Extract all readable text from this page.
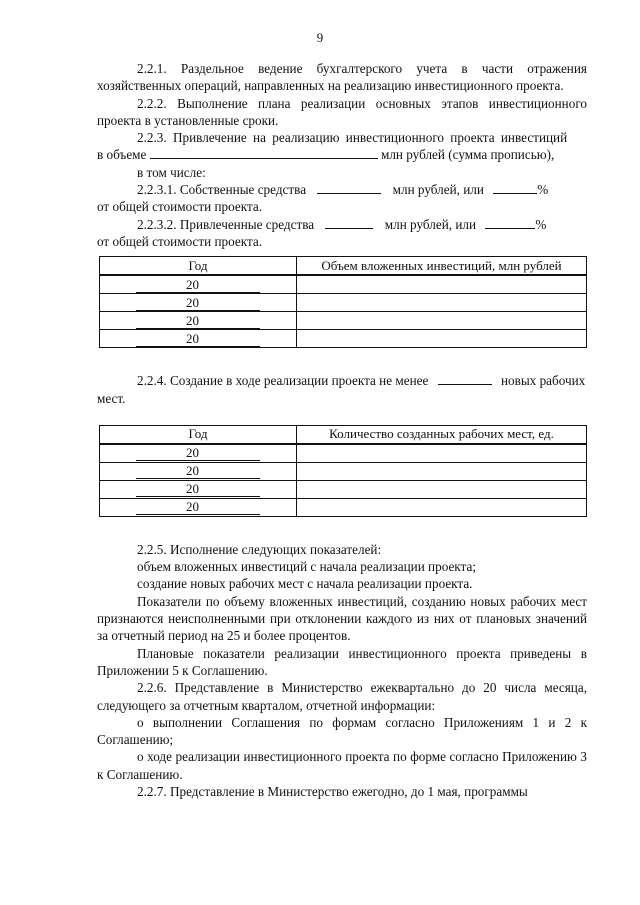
9

2.2.1. Раздельное ведение бухгалтерского учета в части отражения хозяйственных операций, направленных на реализацию инвестиционного проекта.

2.2.2. Выполнение плана реализации основных этапов инвестиционного проекта в установленные сроки.

2.2.3. Привлечение на реализацию инвестиционного проекта инвестиций

в объеме	млн рублей (сумма прописью),

в том числе:

2.2.3.1. Собственные средства	млн рублей, или	%

от общей стоимости проекта.

2.2.3.2. Привлеченные средства	млн рублей, или	%

от общей стоимости проекта.

Год	Объем вложенных инвестиций, млн рублей
20	
20	
20	
20	

2.2.4. Создание в ходе реализации проекта не менее	новых рабочих мест.

Год	Количество созданных рабочих мест, ед.
20	
20	
20	
20	

2.2.5. Исполнение следующих показателей:

объем вложенных инвестиций с начала реализации проекта;

создание новых рабочих мест с начала реализации проекта.

Показатели по объему вложенных инвестиций, созданию новых рабочих мест признаются неисполненными при отклонении каждого из них от плановых значений за отчетный период на 25 и более процентов.

Плановые показатели реализации инвестиционного проекта приведены в Приложении 5 к Соглашению.

2.2.6. Представление в Министерство ежеквартально до 20 числа месяца, следующего за отчетным кварталом, отчетной информации:

о выполнении Соглашения по формам согласно Приложениям 1 и 2 к Соглашению;

о ходе реализации инвестиционного проекта по форме согласно Приложению 3 к Соглашению.

2.2.7. Представление в Министерство ежегодно, до 1 мая, программы
